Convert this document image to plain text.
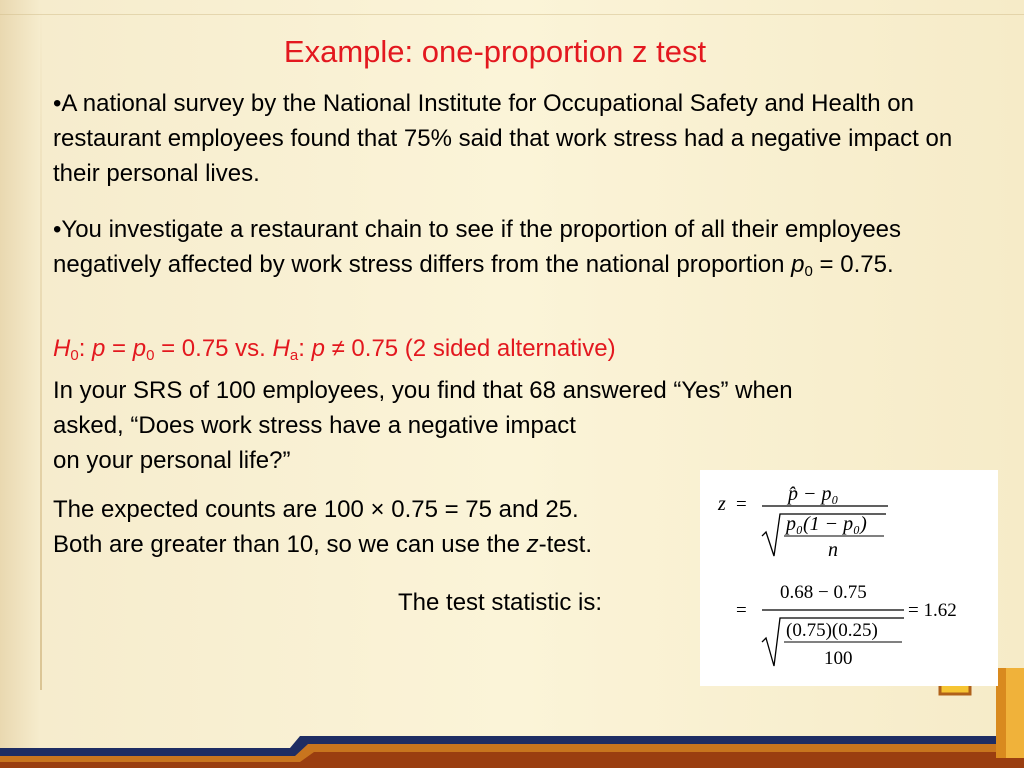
Example: one-proportion z test
•A national survey by the National Institute for Occupational Safety and Health on restaurant employees found that 75% said that work stress had a negative impact on their personal lives.
•You investigate a restaurant chain to see if the proportion of all their employees negatively affected by work stress differs from the national proportion $p_0 = 0.75$.
$H_0$: $p = p_0 = 0.75$ vs. $H_a$: p ≠ 0.75 (2 sided alternative)
In your SRS of 100 employees, you find that 68 answered “Yes” when
asked, “Does work stress have a negative impact
on your personal life?”
The expected counts are 100 × 0.75 = 75 and 25.
Both are greater than 10, so we can use the z-test.
The test statistic is:
z = p̂ − p₀
p₀(1 − p₀)
n
=
0.68 − 0.75
(0.75)(0.25)
100
= 1.62
